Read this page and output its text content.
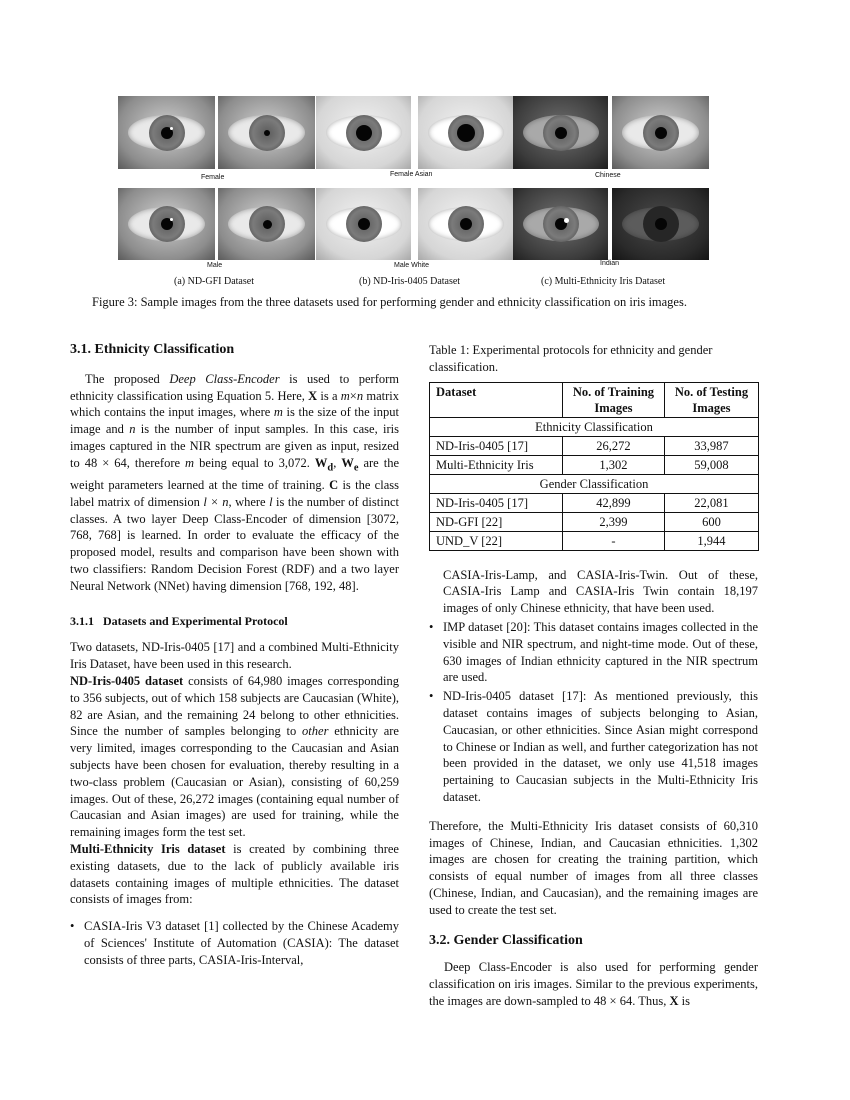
Female	Female Asian	Chinese
Male	Male White	Indian
(a) ND-GFI Dataset	(b) ND-Iris-0405 Dataset	(c) Multi-Ethnicity Iris Dataset
Figure 3: Sample images from the three datasets used for performing gender and ethnicity classification on iris images.
3.1. Ethnicity Classification

The proposed Deep Class-Encoder is used to perform ethnicity classification using Equation 5. Here, X is a m×n matrix which contains the input images, where m is the size of the input image and n is the number of input samples. In this case, iris images captured in the NIR spectrum are given as input, resized to 48 × 64, therefore m being equal to 3,072. $W_d$, $W_e$ are the weight parameters learned at the time of training. C is the class label matrix of dimension l × n, where l is the number of distinct classes. A two layer Deep Class-Encoder of dimension [3072, 768, 768] is learned. In order to evaluate the efficacy of the proposed model, results and comparison have been shown with two classifiers: Random Decision Forest (RDF) and a two layer Neural Network (NNet) having dimension [768, 192, 48].

3.1.1   Datasets and Experimental Protocol

Two datasets, ND-Iris-0405 [17] and a combined Multi-Ethnicity Iris Dataset, have been used in this research.

ND-Iris-0405 dataset consists of 64,980 images corresponding to 356 subjects, out of which 158 subjects are Caucasian (White), 82 are Asian, and the remaining 24 belong to other ethnicities. Since the number of samples belonging to other ethnicity are very limited, images corresponding to the Caucasian and Asian subjects have been chosen for evaluation, thereby resulting in a two-class problem (Caucasian or Asian), consisting of 60,259 images. Out of these, 26,272 images (containing equal number of Caucasian and Asian images) are used for training, while the remaining images form the test set.

Multi-Ethnicity Iris dataset is created by combining three existing datasets, due to the lack of publicly available iris datasets containing images of multiple ethnicities. The dataset consists of images from:

• CASIA-Iris V3 dataset [1] collected by the Chinese Academy of Sciences' Institute of Automation (CASIA): The dataset consists of three parts, CASIA-Iris-Interval,

Table 1: Experimental protocols for ethnicity and gender classification.

Dataset	No. of Training Images	No. of Testing Images
Ethnicity Classification		
ND-Iris-0405 [17]	26,272	33,987
Multi-Ethnicity Iris	1,302	59,008
Gender Classification		
ND-Iris-0405 [17]	42,899	22,081
ND-GFI [22]	2,399	600
UND_V [22]	-	1,944
CASIA-Iris-Lamp, and CASIA-Iris-Twin. Out of these, CASIA-Iris Lamp and CASIA-Iris Twin contain 18,197 images of only Chinese ethnicity, that have been used.
• IMP dataset [20]: This dataset contains images collected in the visible and NIR spectrum, and night-time mode. Out of these, 630 images of Indian ethnicity captured in the NIR spectrum are used.
• ND-Iris-0405 dataset [17]: As mentioned previously, this dataset contains images of subjects belonging to Asian, Caucasian, or other ethnicities. Since Asian might correspond to Chinese or Indian as well, and further categorization has not been provided in the dataset, we only use 41,518 images pertaining to Caucasian subjects in the Multi-Ethnicity Iris dataset.

Therefore, the Multi-Ethnicity Iris dataset consists of 60,310 images of Chinese, Indian, and Caucasian ethnicities. 1,302 images are chosen for creating the training partition, which consists of equal number of images from all three classes (Chinese, Indian, and Caucasian), and the remaining images are used to create the test set.

3.2. Gender Classification

Deep Class-Encoder is also used for performing gender classification on iris images. Similar to the previous experiments, the images are down-sampled to 48 × 64. Thus, X is
